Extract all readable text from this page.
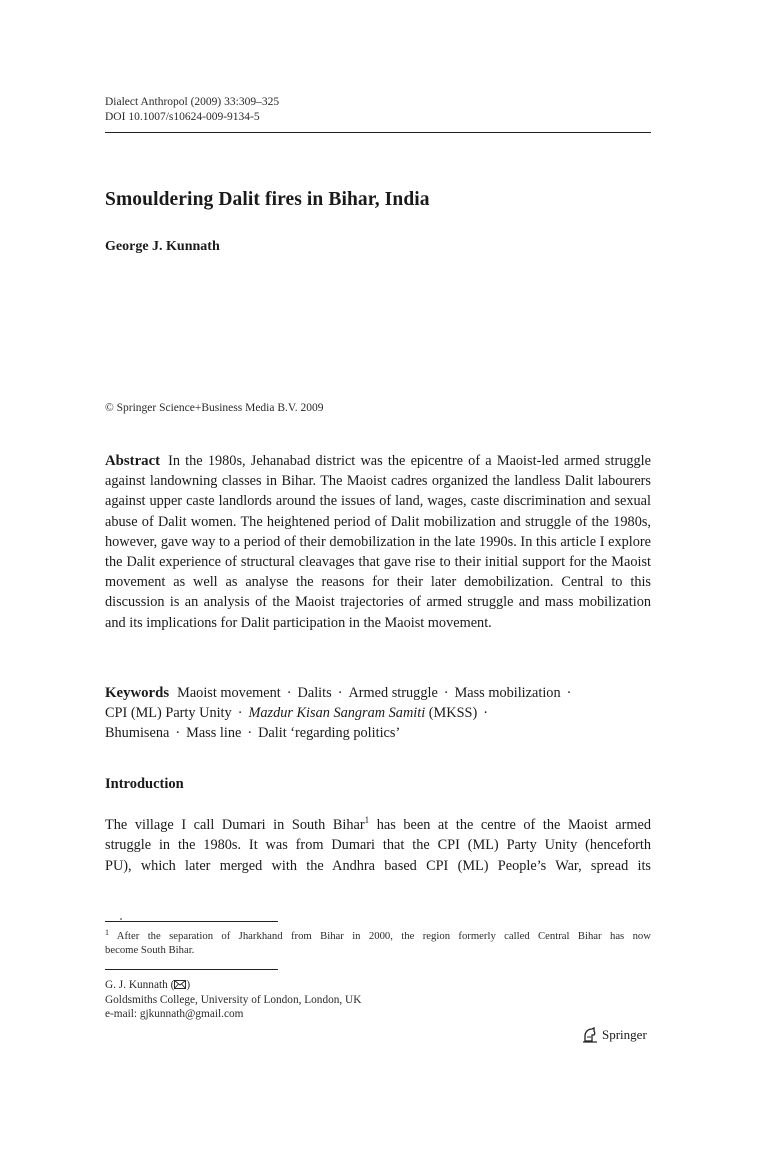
Dialect Anthropol (2009) 33:309–325
DOI 10.1007/s10624-009-9134-5
Smouldering Dalit fires in Bihar, India
George J. Kunnath
© Springer Science+Business Media B.V. 2009

Abstract In the 1980s, Jehanabad district was the epicentre of a Maoist-led armed struggle against landowning classes in Bihar. The Maoist cadres organized the landless Dalit labourers against upper caste landlords around the issues of land, wages, caste discrimination and sexual abuse of Dalit women. The heightened period of Dalit mobilization and struggle of the 1980s, however, gave way to a period of their demobilization in the late 1990s. In this article I explore the Dalit experience of structural cleavages that gave rise to their initial support for the Maoist movement as well as analyse the reasons for their later demobilization. Central to this discussion is an analysis of the Maoist trajectories of armed struggle and mass mobilization and its implications for Dalit participation in the Maoist movement.

Keywords Maoist movement · Dalits · Armed struggle · Mass mobilization ·
CPI (ML) Party Unity · Mazdur Kisan Sangram Samiti (MKSS) ·
Bhumisena · Mass line · Dalit ‘regarding politics’
Introduction
The village I call Dumari in South Bihar$^1$ has been at the centre of the Maoist armed
struggle in the 1980s. It was from Dumari that the CPI (ML) Party Unity (henceforth
PU), which later merged with the Andhra based CPI (ML) People’s War, spread its
$^1$ After the separation of Jharkhand from Bihar in 2000, the region formerly called Central Bihar has now
become South Bihar.
G. J. Kunnath ( )
Goldsmiths College, University of London, London, UK
e-mail: gjkunnath@gmail.com
Springer
